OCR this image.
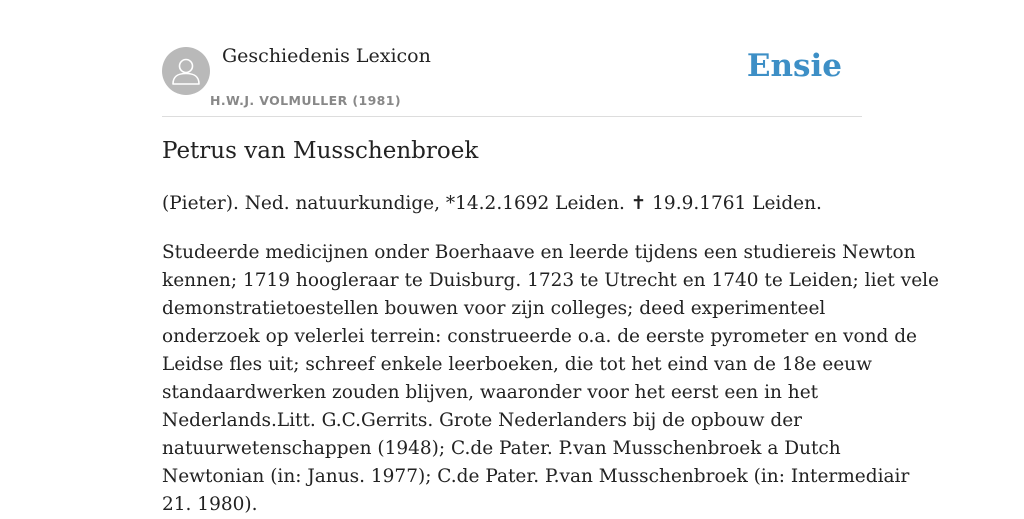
Geschiedenis Lexicon
H.W.J. VOLMULLER (1981)
Ensie
Petrus van Musschenbroek

(Pieter). Ned. natuurkundige, *14.2.1692 Leiden. ✝ 19.9.1761 Leiden.

Studeerde medicijnen onder Boerhaave en leerde tijdens een studiereis Newton
kennen; 1719 hoogleraar te Duisburg. 1723 te Utrecht en 1740 te Leiden; liet vele
demonstratietoestellen bouwen voor zijn colleges; deed experimenteel
onderzoek op velerlei terrein: construeerde o.a. de eerste pyrometer en vond de
Leidse fles uit; schreef enkele leerboeken, die tot het eind van de 18e eeuw
standaardwerken zouden blijven, waaronder voor het eerst een in het
Nederlands.Litt. G.C.Gerrits. Grote Nederlanders bij de opbouw der
natuurwetenschappen (1948); C.de Pater. P.van Musschenbroek a Dutch
Newtonian (in: Janus. 1977); C.de Pater. P.van Musschenbroek (in: Intermediair
21. 1980).
